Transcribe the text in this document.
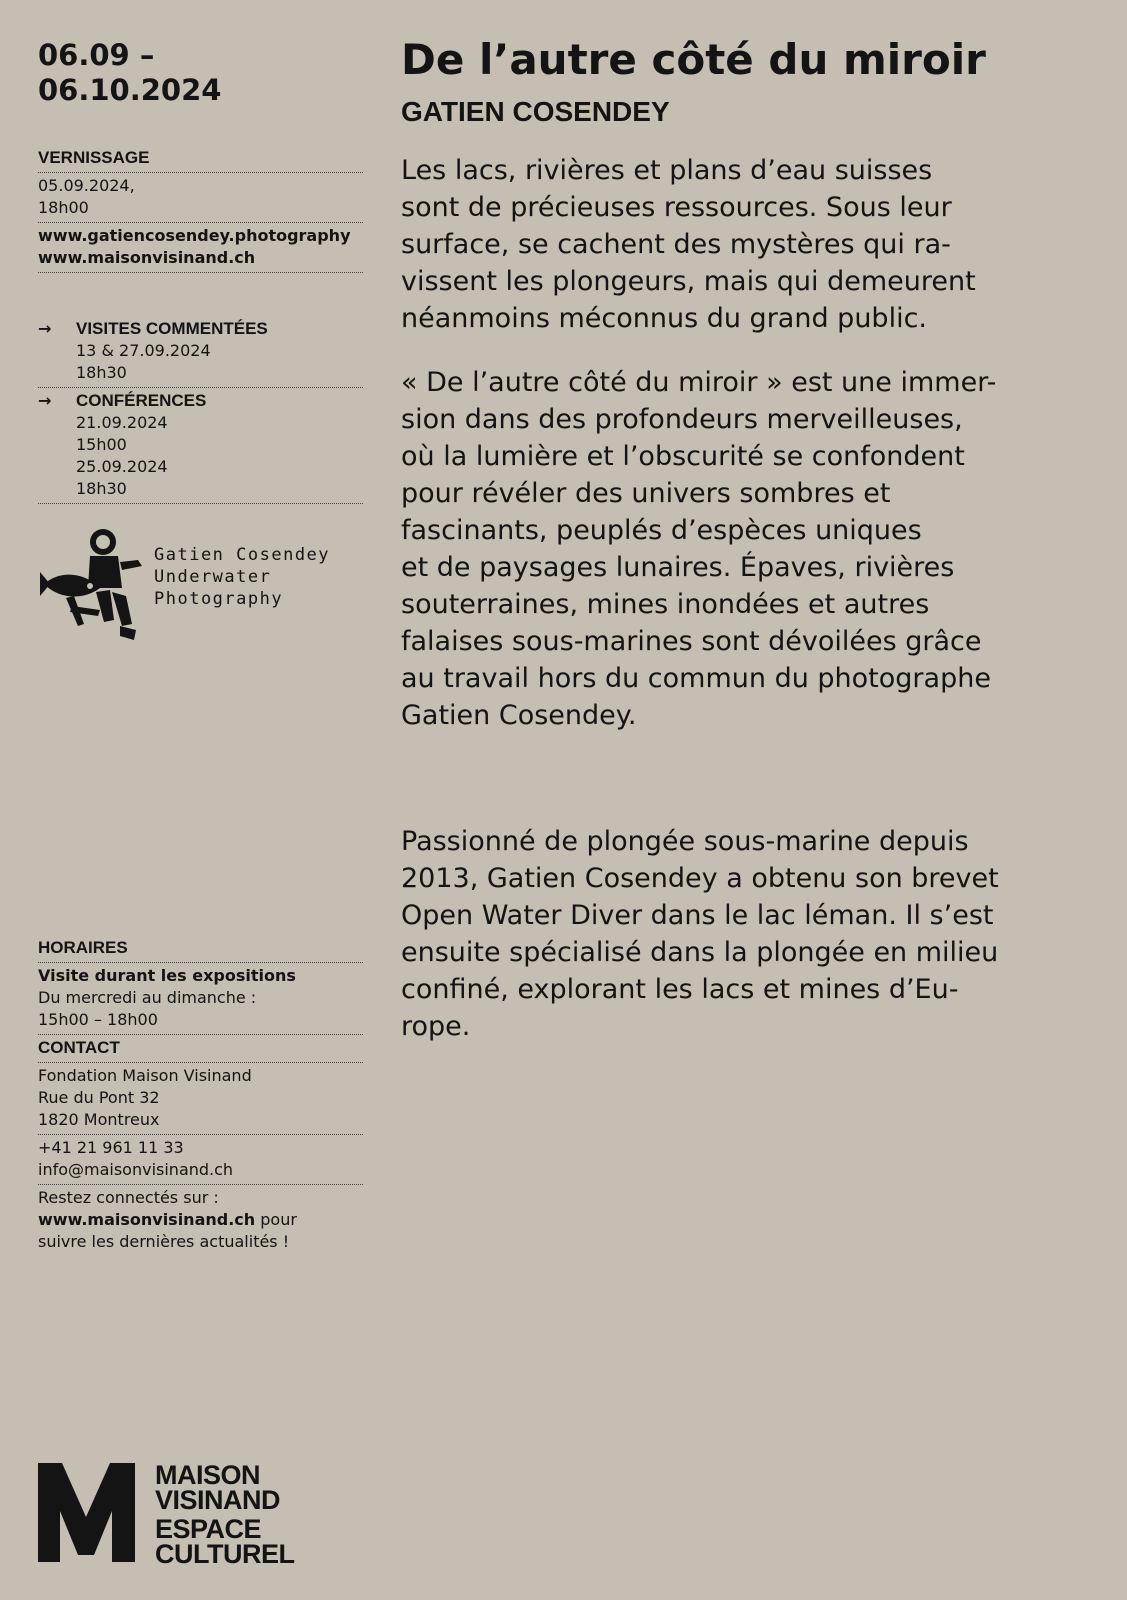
06.09 –
06.10.2024
VERNISSAGE
05.09.2024,
18h00
www.gatiencosendey.photography
www.maisonvisinand.ch
→	VISITES COMMENTÉES
13 & 27.09.2024
18h30
→	CONFÉRENCES
21.09.2024
15h00
25.09.2024
18h30
Gatien Cosendey
Underwater
Photography
HORAIRES
Visite durant les expositions
Du mercredi au dimanche :
15h00 – 18h00
CONTACT
Fondation Maison Visinand
Rue du Pont 32
1820 Montreux
+41 21 961 11 33
info@maisonvisinand.ch
Restez connectés sur :
www.maisonvisinand.ch pour
suivre les dernières actualités !
De l’autre côté du miroir
GATIEN COSENDEY
Les lacs, rivières et plans d’eau suisses
sont de précieuses ressources. Sous leur
surface, se cachent des mystères qui ra-
vissent les plongeurs, mais qui demeurent
néanmoins méconnus du grand public.
« De l’autre côté du miroir » est une immer-
sion dans des profondeurs merveilleuses,
où la lumière et l’obscurité se confondent
pour révéler des univers sombres et
fascinants, peuplés d’espèces uniques
et de paysages lunaires. Épaves, rivières
souterraines, mines inondées et autres
falaises sous-marines sont dévoilées grâce
au travail hors du commun du photographe
Gatien Cosendey.
Passionné de plongée sous-marine depuis
2013, Gatien Cosendey a obtenu son brevet
Open Water Diver dans le lac léman. Il s’est
ensuite spécialisé dans la plongée en milieu
confiné, explorant les lacs et mines d’Eu-
rope.
MAISON
VISINAND
ESPACE
CULTUREL
